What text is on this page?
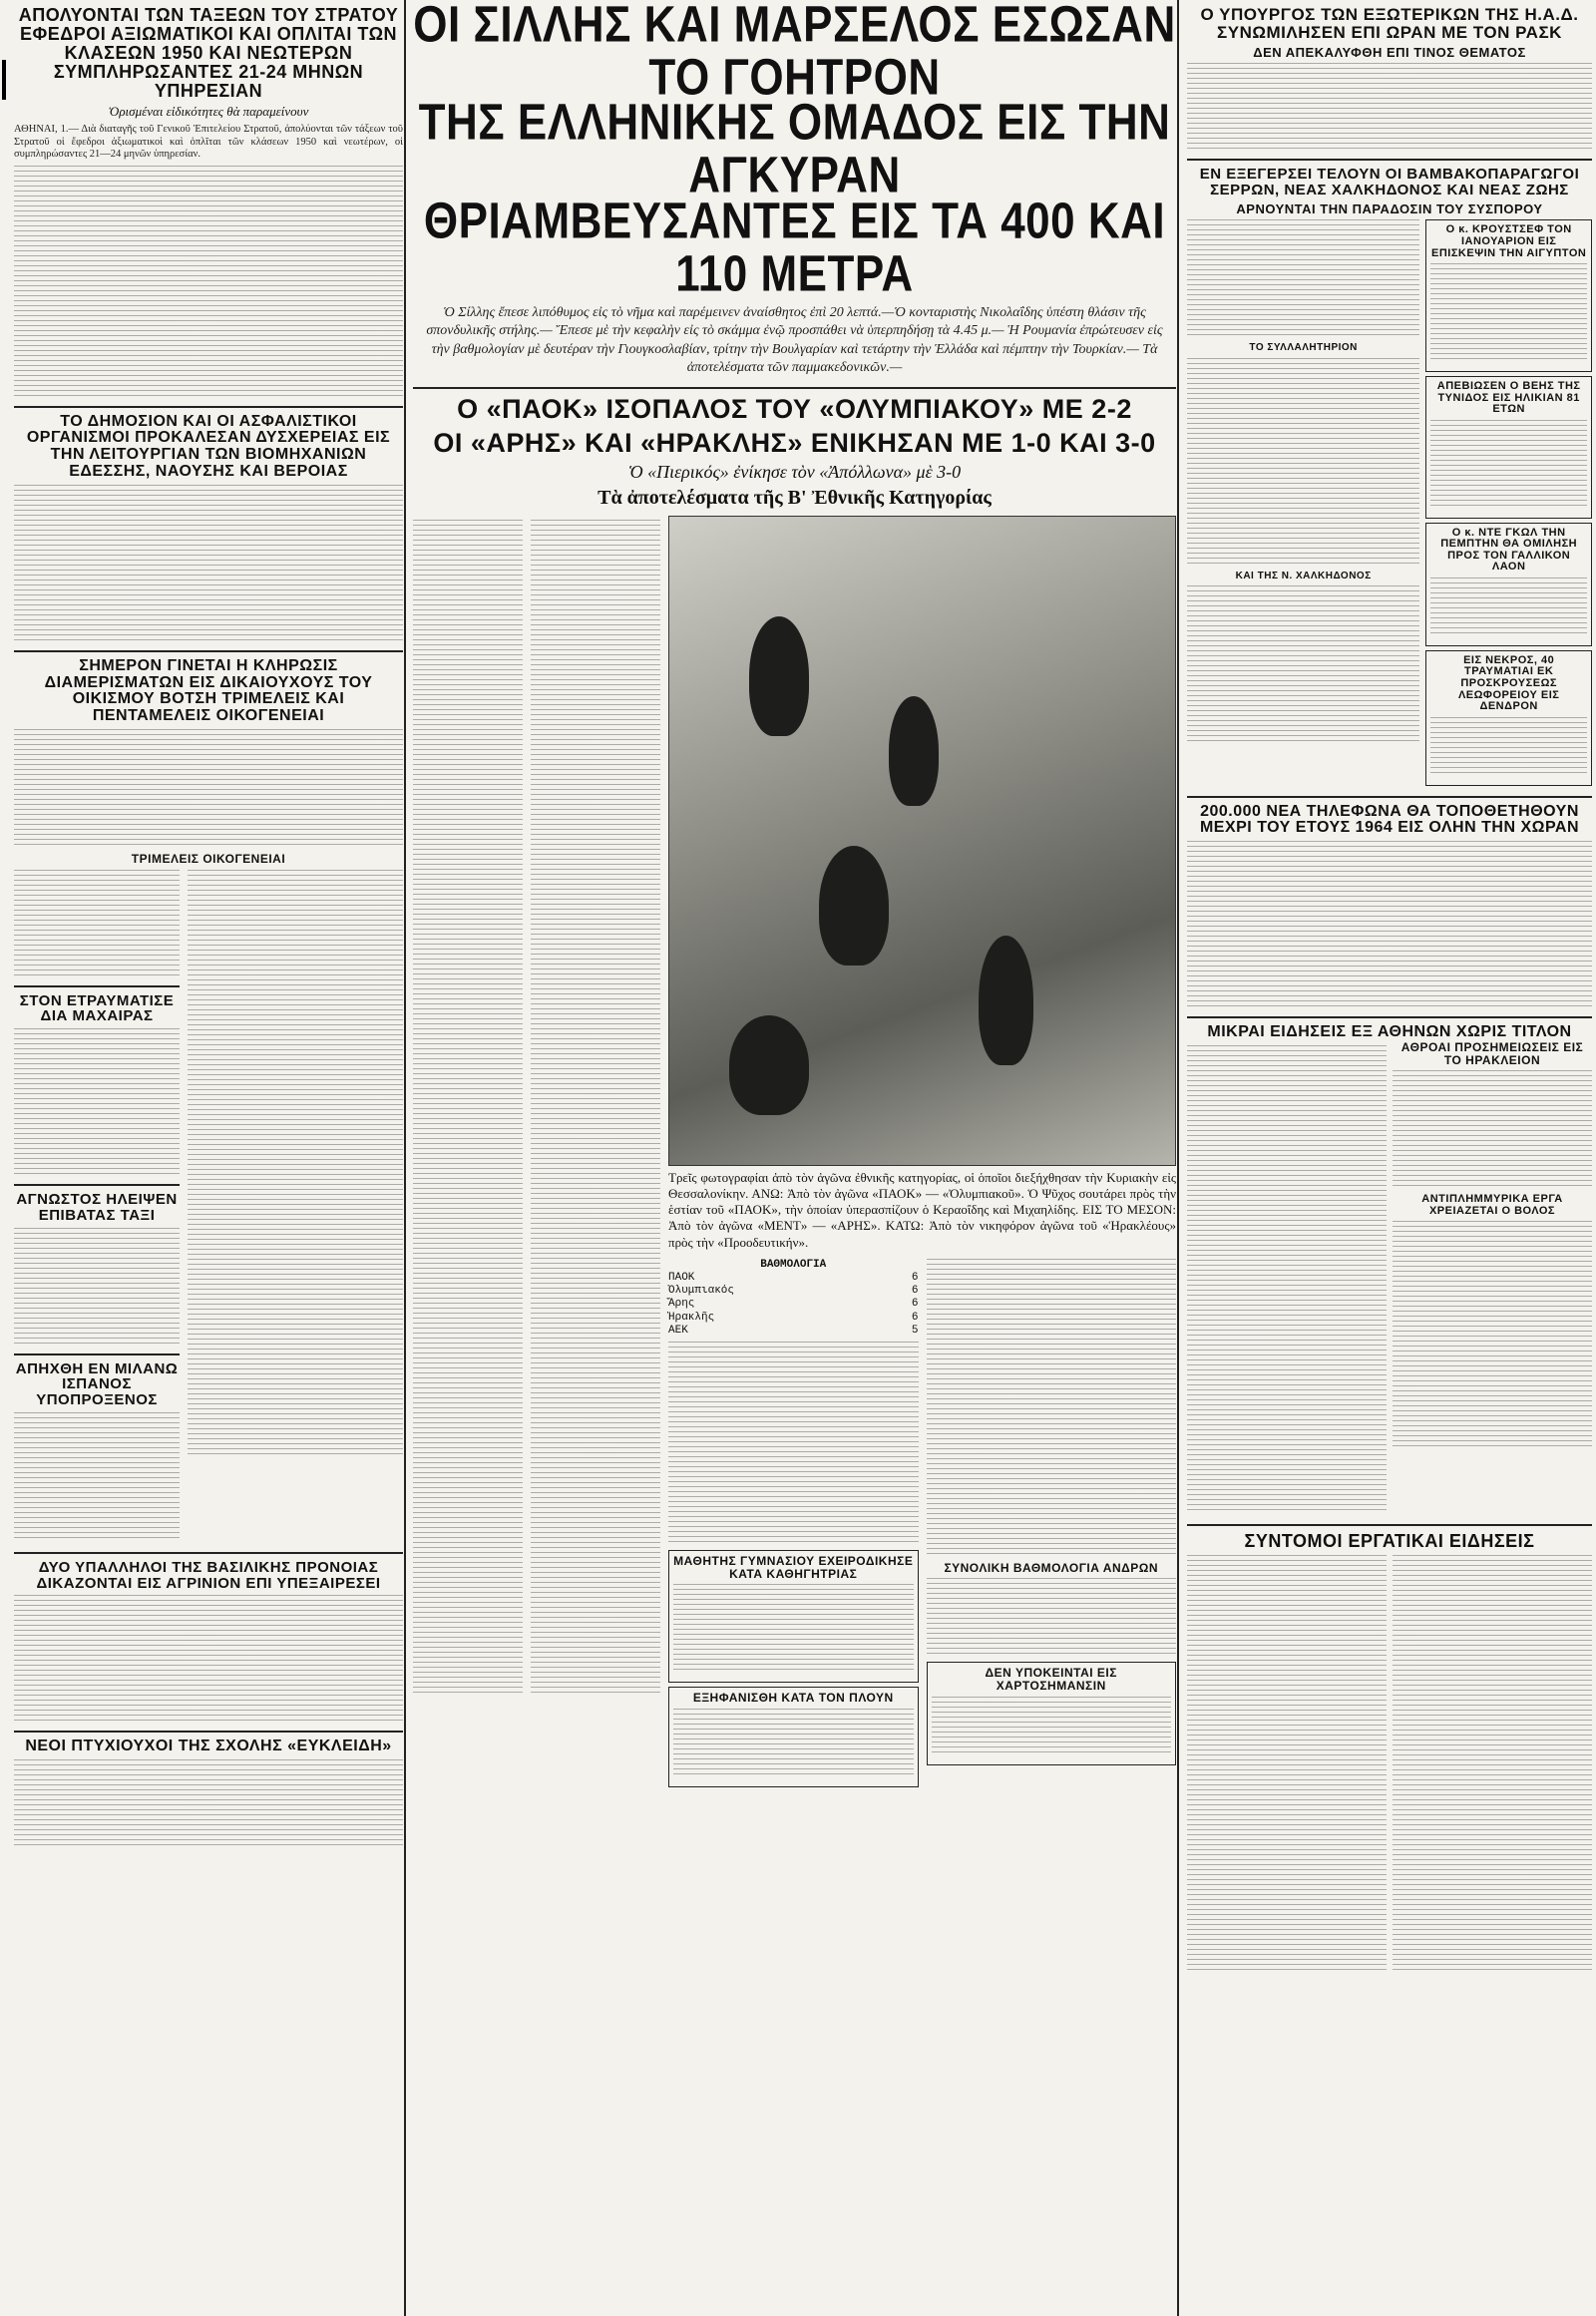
ΑΠΟΛΥΟΝΤΑΙ ΤΩΝ ΤΑΞΕΩΝ ΤΟΥ ΣΤΡΑΤΟΥ ΕΦΕΔΡΟΙ ΑΞΙΩΜΑΤΙΚΟΙ ΚΑΙ ΟΠΛΙΤΑΙ ΤΩΝ ΚΛΑΣΕΩΝ 1950 ΚΑΙ ΝΕΩΤΕΡΩΝ ΣΥΜΠΛΗΡΩΣΑΝΤΕΣ 21-24 ΜΗΝΩΝ ΥΠΗΡΕΣΙΑΝ

Ὁρισμέναι εἰδικότητες θὰ παραμείνουν

ΑΘΗΝΑΙ, 1.— Διὰ διαταγῆς τοῦ Γενικοῦ Ἐπιτελείου Στρατοῦ, ἀπολύονται τῶν τάξεων τοῦ Στρατοῦ οἱ ἔφεδροι ἀξιωματικοὶ καὶ ὁπλῖται τῶν κλάσεων 1950 καὶ νεωτέρων, οἱ συμπληρώσαντες 21—24 μηνῶν ὑπηρεσίαν.

ΤΟ ΔΗΜΟΣΙΟΝ ΚΑΙ ΟΙ ΑΣΦΑΛΙΣΤΙΚΟΙ ΟΡΓΑΝΙΣΜΟΙ ΠΡΟΚΑΛΕΣΑΝ ΔΥΣΧΕΡΕΙΑΣ ΕΙΣ ΤΗΝ ΛΕΙΤΟΥΡΓΙΑΝ ΤΩΝ ΒΙΟΜΗΧΑΝΙΩΝ ΕΔΕΣΣΗΣ, ΝΑΟΥΣΗΣ ΚΑΙ ΒΕΡΟΙΑΣ

ΣΗΜΕΡΟΝ ΓΙΝΕΤΑΙ Η ΚΛΗΡΩΣΙΣ ΔΙΑΜΕΡΙΣΜΑΤΩΝ ΕΙΣ ΔΙΚΑΙΟΥΧΟΥΣ ΤΟΥ ΟΙΚΙΣΜΟΥ ΒΟΤΣΗ ΤΡΙΜΕΛΕΙΣ ΚΑΙ ΠΕΝΤΑΜΕΛΕΙΣ ΟΙΚΟΓΕΝΕΙΑΙ

ΤΡΙΜΕΛΕΙΣ ΟΙΚΟΓΕΝΕΙΑΙ

ΣΤΟΝ ΕΤΡΑΥΜΑΤΙΣΕ ΔΙΑ ΜΑΧΑΙΡΑΣ

ΑΓΝΩΣΤΟΣ ΗΛΕΙΨΕΝ ΕΠΙΒΑΤΑΣ ΤΑΞΙ

ΑΠΗΧΘΗ ΕΝ ΜΙΛΑΝΩ ΙΣΠΑΝΟΣ ΥΠΟΠΡΟΞΕΝΟΣ

ΔΥΟ ΥΠΑΛΛΗΛΟΙ ΤΗΣ ΒΑΣΙΛΙΚΗΣ ΠΡΟΝΟΙΑΣ ΔΙΚΑΖΟΝΤΑΙ ΕΙΣ ΑΓΡΙΝΙΟΝ ΕΠΙ ΥΠΕΞΑΙΡΕΣΕΙ

ΝΕΟΙ ΠΤΥΧΙΟΥΧΟΙ ΤΗΣ ΣΧΟΛΗΣ «ΕΥΚΛΕΙΔΗ»

ΟΙ ΣΙΛΛΗΣ ΚΑΙ ΜΑΡΣΕΛΟΣ ΕΣΩΣΑΝ ΤΟ ΓΟΗΤΡΟΝ

ΤΗΣ ΕΛΛΗΝΙΚΗΣ ΟΜΑΔΟΣ ΕΙΣ ΤΗΝ ΑΓΚΥΡΑΝ

ΘΡΙΑΜΒΕΥΣΑΝΤΕΣ ΕΙΣ ΤΑ 400 ΚΑΙ 110 ΜΕΤΡΑ

Ὁ Σίλλης ἔπεσε λιπόθυμος εἰς τὸ νῆμα καὶ παρέμεινεν ἀναίσθητος ἐπὶ 20 λεπτά.—Ὁ κονταριστὴς Νικολαΐδης ὑπέστη θλάσιν τῆς σπονδυλικῆς στήλης.— Ἔπεσε μὲ τὴν κεφαλὴν εἰς τὸ σκάμμα ἐνῷ προσπάθει νὰ ὑπερπηδήσῃ τὰ 4.45 μ.— Ἡ Ρουμανία ἐπρώτευσεν εἰς τὴν βαθμολογίαν μὲ δευτέραν τὴν Γιουγκοσλαβίαν, τρίτην τὴν Βουλγαρίαν καὶ τετάρτην τὴν Ἑλλάδα καὶ πέμπτην τὴν Τουρκίαν.— Τὰ ἀποτελέσματα τῶν παμμακεδονικῶν.—

Ο «ΠΑΟΚ» ΙΣΟΠΑΛΟΣ ΤΟΥ «ΟΛΥΜΠΙΑΚΟΥ» ΜΕ 2-2

ΟΙ «ΑΡΗΣ» ΚΑΙ «ΗΡΑΚΛΗΣ» ΕΝΙΚΗΣΑΝ ΜΕ 1-0 ΚΑΙ 3-0

Ὁ «Πιερικός» ἐνίκησε τὸν «Ἀπόλλωνα» μὲ 3-0

Τὰ ἀποτελέσματα τῆς Β' Ἐθνικῆς Κατηγορίας

Τρεῖς φωτογραφίαι ἀπὸ τὸν ἀγῶνα ἐθνικῆς κατηγορίας, οἱ ὁποῖοι διεξήχθησαν τὴν Κυριακὴν εἰς Θεσσαλονίκην. ΑΝΩ: Ἀπὸ τὸν ἀγῶνα «ΠΑΟΚ» — «Ὀλυμπιακοῦ». Ὁ Ψῦχος σουτάρει πρὸς τὴν ἑστίαν τοῦ «ΠΑΟΚ», τὴν ὁποίαν ὑπερασπίζουν ὁ Κεραοΐδης καὶ Μιχαηλίδης. ΕΙΣ ΤΟ ΜΕΣΟΝ: Ἀπὸ τὸν ἀγῶνα «ΜΕΝΤ» — «ΑΡΗΣ». ΚΑΤΩ: Ἀπὸ τὸν νικηφόρον ἀγῶνα τοῦ «Ἡρακλέους» πρὸς τὴν «Προοδευτικήν».

ΒΑΘΜΟΛΟΓΙΑ
ΠΑΟΚ	6
Ὀλυμπιακός	6
Ἄρης	6
Ἡρακλῆς	6
ΑΕΚ	5

ΜΑΘΗΤΗΣ ΓΥΜΝΑΣΙΟΥ ΕΧΕΙΡΟΔΙΚΗΣΕ ΚΑΤΑ ΚΑΘΗΓΗΤΡΙΑΣ

ΕΞΗΦΑΝΙΣΘΗ ΚΑΤΑ ΤΟΝ ΠΛΟΥΝ

ΣΥΝΟΛΙΚΗ ΒΑΘΜΟΛΟΓΙΑ ΑΝΔΡΩΝ

ΔΕΝ ΥΠΟΚΕΙΝΤΑΙ ΕΙΣ ΧΑΡΤΟΣΗΜΑΝΣΙΝ

Ο ΥΠΟΥΡΓΟΣ ΤΩΝ ΕΞΩΤΕΡΙΚΩΝ ΤΗΣ Η.Α.Δ. ΣΥΝΩΜΙΛΗΣΕΝ ΕΠΙ ΩΡΑΝ ΜΕ ΤΟΝ ΡΑΣΚ

ΔΕΝ ΑΠΕΚΑΛΥΦΘΗ ΕΠΙ ΤΙΝΟΣ ΘΕΜΑΤΟΣ

ΕΝ ΕΞΕΓΕΡΣΕΙ ΤΕΛΟΥΝ ΟΙ ΒΑΜΒΑΚΟΠΑΡΑΓΩΓΟΙ ΣΕΡΡΩΝ, ΝΕΑΣ ΧΑΛΚΗΔΟΝΟΣ ΚΑΙ ΝΕΑΣ ΖΩΗΣ

ΑΡΝΟΥΝΤΑΙ ΤΗΝ ΠΑΡΑΔΟΣΙΝ ΤΟΥ ΣΥΣΠΟΡΟΥ

ΤΟ ΣΥΛΛΑΛΗΤΗΡΙΟΝ

ΚΑΙ ΤΗΣ Ν. ΧΑΛΚΗΔΟΝΟΣ

Ο κ. ΚΡΟΥΣΤΣΕΦ ΤΟΝ ΙΑΝΟΥΑΡΙΟΝ ΕΙΣ ΕΠΙΣΚΕΨΙΝ ΤΗΝ ΑΙΓΥΠΤΟΝ

ΑΠΕΒΙΩΣΕΝ Ο ΒΕΗΣ ΤΗΣ ΤΥΝΙΔΟΣ ΕΙΣ ΗΛΙΚΙΑΝ 81 ΕΤΩΝ

Ο κ. ΝΤΕ ΓΚΩΛ ΤΗΝ ΠΕΜΠΤΗΝ ΘΑ ΟΜΙΛΗΣΗ ΠΡΟΣ ΤΟΝ ΓΑΛΛΙΚΟΝ ΛΑΟΝ

ΕΙΣ ΝΕΚΡΟΣ, 40 ΤΡΑΥΜΑΤΙΑΙ ΕΚ ΠΡΟΣΚΡΟΥΣΕΩΣ ΛΕΩΦΟΡΕΙΟΥ ΕΙΣ ΔΕΝΔΡΟΝ

200.000 ΝΕΑ ΤΗΛΕΦΩΝΑ ΘΑ ΤΟΠΟΘΕΤΗΘΟΥΝ ΜΕΧΡΙ ΤΟΥ ΕΤΟΥΣ 1964 ΕΙΣ ΟΛΗΝ ΤΗΝ ΧΩΡΑΝ

ΜΙΚΡΑΙ ΕΙΔΗΣΕΙΣ ΕΞ ΑΘΗΝΩΝ ΧΩΡΙΣ ΤΙΤΛΟΝ

ΑΘΡΟΑΙ ΠΡΟΣΗΜΕΙΩΣΕΙΣ ΕΙΣ ΤΟ ΗΡΑΚΛΕΙΟΝ

ΑΝΤΙΠΛΗΜΜΥΡΙΚΑ ΕΡΓΑ ΧΡΕΙΑΖΕΤΑΙ Ο ΒΟΛΟΣ

ΣΥΝΤΟΜΟΙ ΕΡΓΑΤΙΚΑΙ ΕΙΔΗΣΕΙΣ
